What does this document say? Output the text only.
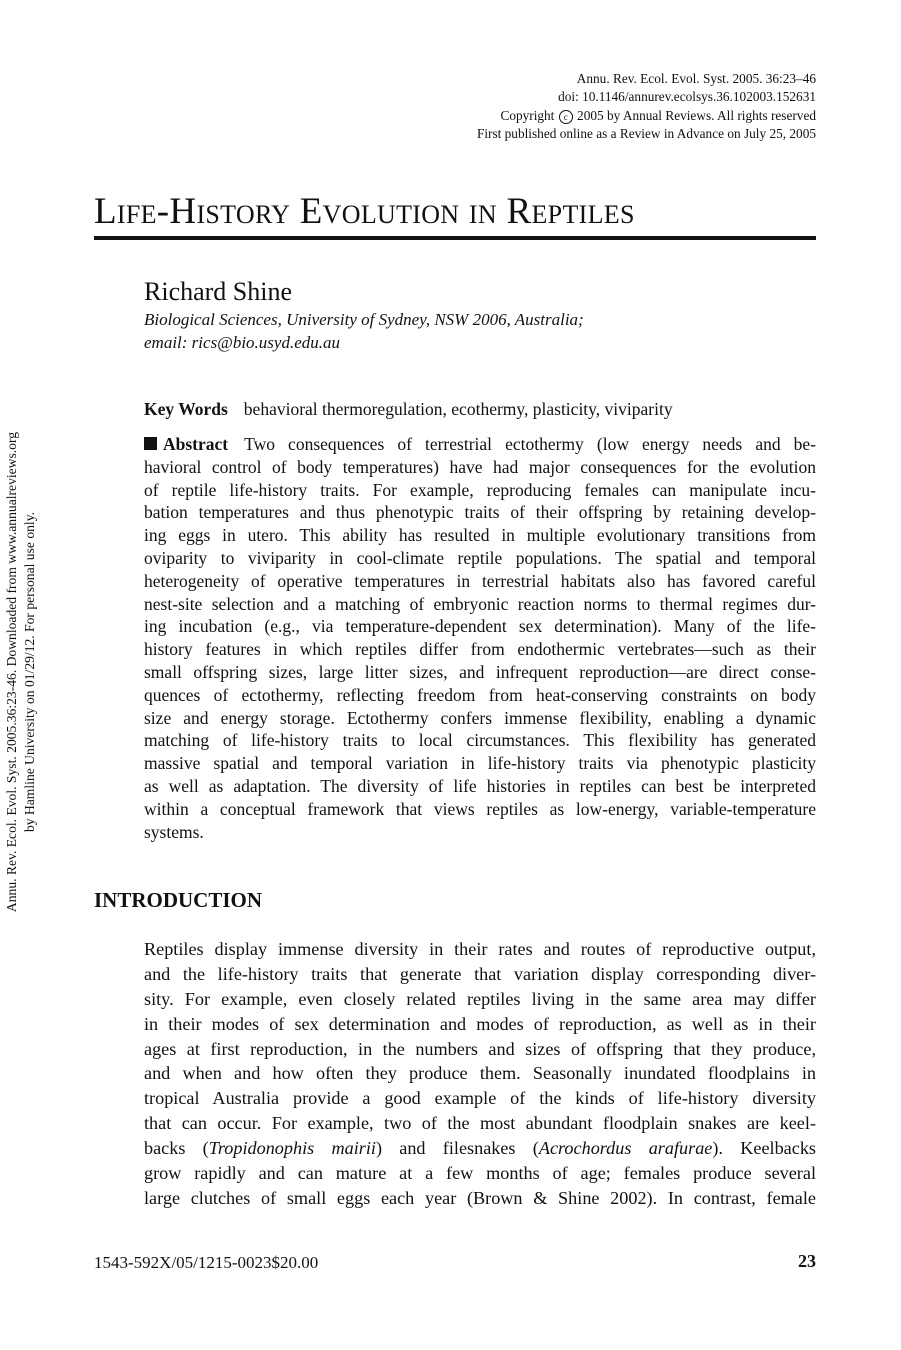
Annu. Rev. Ecol. Evol. Syst. 2005. 36:23–46
doi: 10.1146/annurev.ecolsys.36.102003.152631
Copyright c 2005 by Annual Reviews. All rights reserved
First published online as a Review in Advance on July 25, 2005
Life-History Evolution in Reptiles
Richard Shine
Biological Sciences, University of Sydney, NSW 2006, Australia;
email: rics@bio.usyd.edu.au
Key Words behavioral thermoregulation, ecothermy, plasticity, viviparity
Abstract Two consequences of terrestrial ectothermy (low energy needs and be-
havioral control of body temperatures) have had major consequences for the evolution
of reptile life-history traits. For example, reproducing females can manipulate incu-
bation temperatures and thus phenotypic traits of their offspring by retaining develop-
ing eggs in utero. This ability has resulted in multiple evolutionary transitions from
oviparity to viviparity in cool-climate reptile populations. The spatial and temporal
heterogeneity of operative temperatures in terrestrial habitats also has favored careful
nest-site selection and a matching of embryonic reaction norms to thermal regimes dur-
ing incubation (e.g., via temperature-dependent sex determination). Many of the life-
history features in which reptiles differ from endothermic vertebrates—such as their
small offspring sizes, large litter sizes, and infrequent reproduction—are direct conse-
quences of ectothermy, reflecting freedom from heat-conserving constraints on body
size and energy storage. Ectothermy confers immense flexibility, enabling a dynamic
matching of life-history traits to local circumstances. This flexibility has generated
massive spatial and temporal variation in life-history traits via phenotypic plasticity
as well as adaptation. The diversity of life histories in reptiles can best be interpreted
within a conceptual framework that views reptiles as low-energy, variable-temperature
systems.
INTRODUCTION
Reptiles display immense diversity in their rates and routes of reproductive output,
and the life-history traits that generate that variation display corresponding diver-
sity. For example, even closely related reptiles living in the same area may differ
in their modes of sex determination and modes of reproduction, as well as in their
ages at first reproduction, in the numbers and sizes of offspring that they produce,
and when and how often they produce them. Seasonally inundated floodplains in
tropical Australia provide a good example of the kinds of life-history diversity
that can occur. For example, two of the most abundant floodplain snakes are keel-
backs (Tropidonophis mairii) and filesnakes (Acrochordus arafurae). Keelbacks
grow rapidly and can mature at a few months of age; females produce several
large clutches of small eggs each year (Brown & Shine 2002). In contrast, female
1543-592X/05/1215-0023$20.00	23
Annu. Rev. Ecol. Evol. Syst. 2005.36:23-46. Downloaded from www.annualreviews.org by Hamline University on 01/29/12. For personal use only.
